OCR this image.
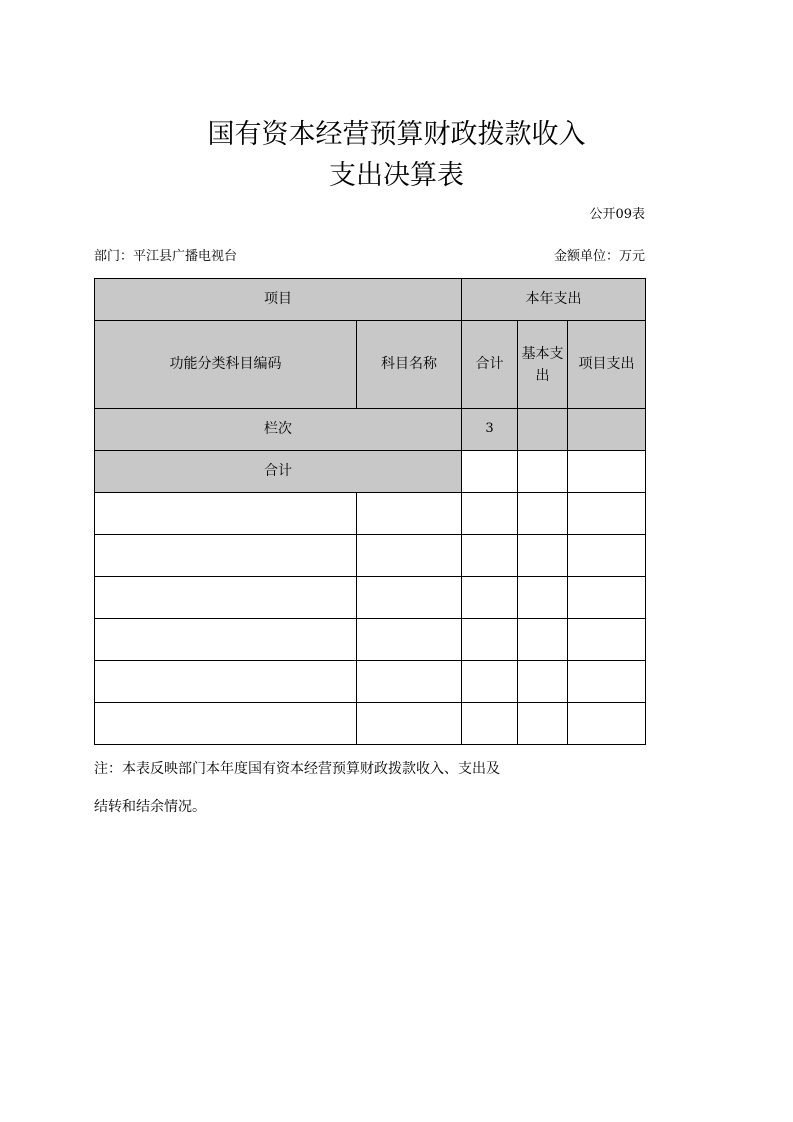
国有资本经营预算财政拨款收入
支出决算表
公开09表
部门：平江县广播电视台	金额单位：万元
项目		本年支出		
功能分类科目编码	科目名称	合计	基本支出	项目支出
栏次		3		
合计				

注：本表反映部门本年度国有资本经营预算财政拨款收入、支出及
结转和结余情况。
